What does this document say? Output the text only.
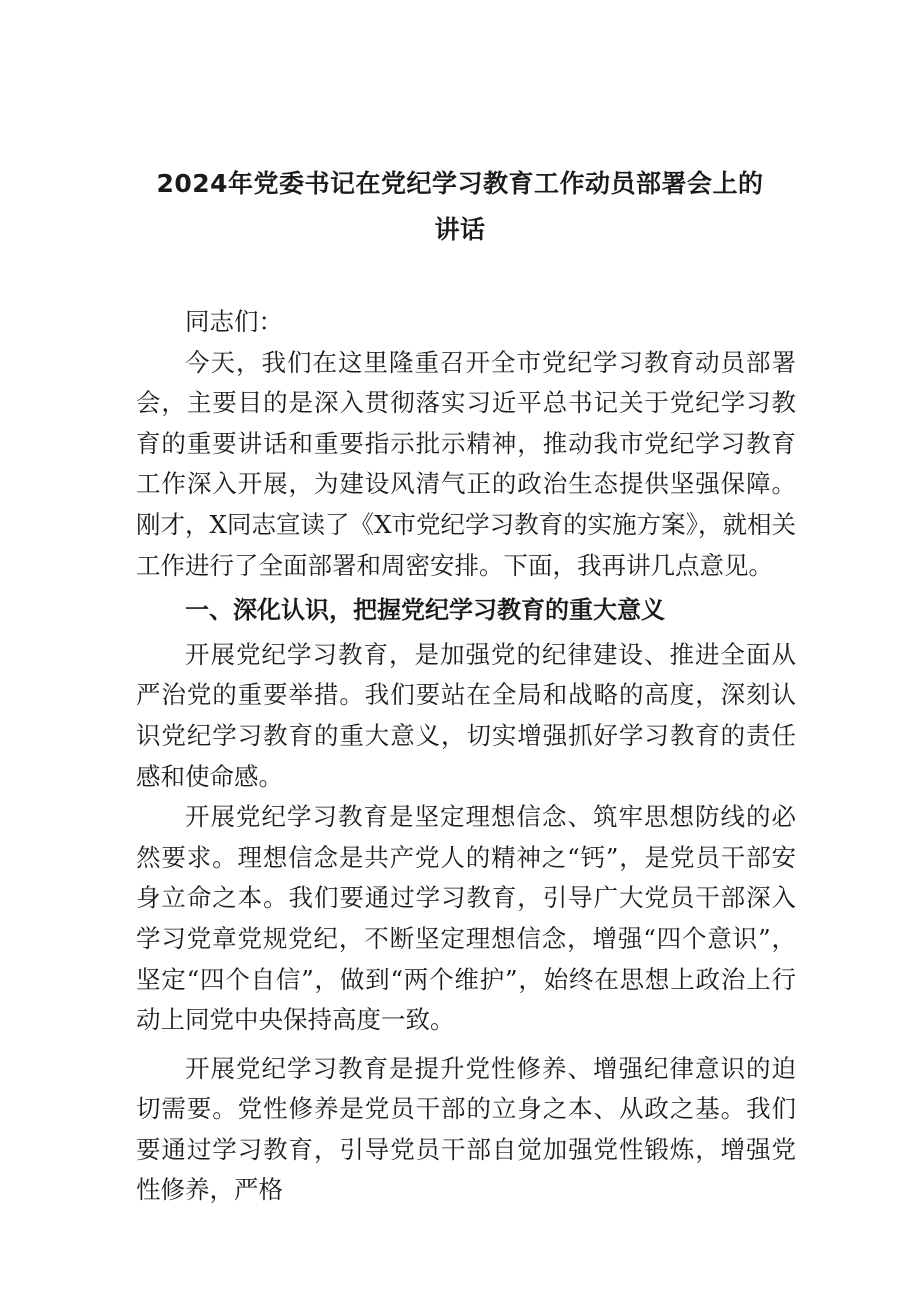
2024年党委书记在党纪学习教育工作动员部署会上的
讲话

同志们：

今天，我们在这里隆重召开全市党纪学习教育动员部署会，主要目的是深入贯彻落实习近平总书记关于党纪学习教育的重要讲话和重要指示批示精神，推动我市党纪学习教育工作深入开展，为建设风清气正的政治生态提供坚强保障。刚才，X同志宣读了《X市党纪学习教育的实施方案》，就相关工作进行了全面部署和周密安排。下面，我再讲几点意见。

一、深化认识，把握党纪学习教育的重大意义

开展党纪学习教育，是加强党的纪律建设、推进全面从严治党的重要举措。我们要站在全局和战略的高度，深刻认识党纪学习教育的重大意义，切实增强抓好学习教育的责任感和使命感。

开展党纪学习教育是坚定理想信念、筑牢思想防线的必然要求。理想信念是共产党人的精神之“钙”，是党员干部安身立命之本。我们要通过学习教育，引导广大党员干部深入学习党章党规党纪，不断坚定理想信念，增强“四个意识”，坚定“四个自信”，做到“两个维护”，始终在思想上政治上行动上同党中央保持高度一致。

开展党纪学习教育是提升党性修养、增强纪律意识的迫切需要。党性修养是党员干部的立身之本、从政之基。我们要通过学习教育，引导党员干部自觉加强党性锻炼，增强党性修养，严格
